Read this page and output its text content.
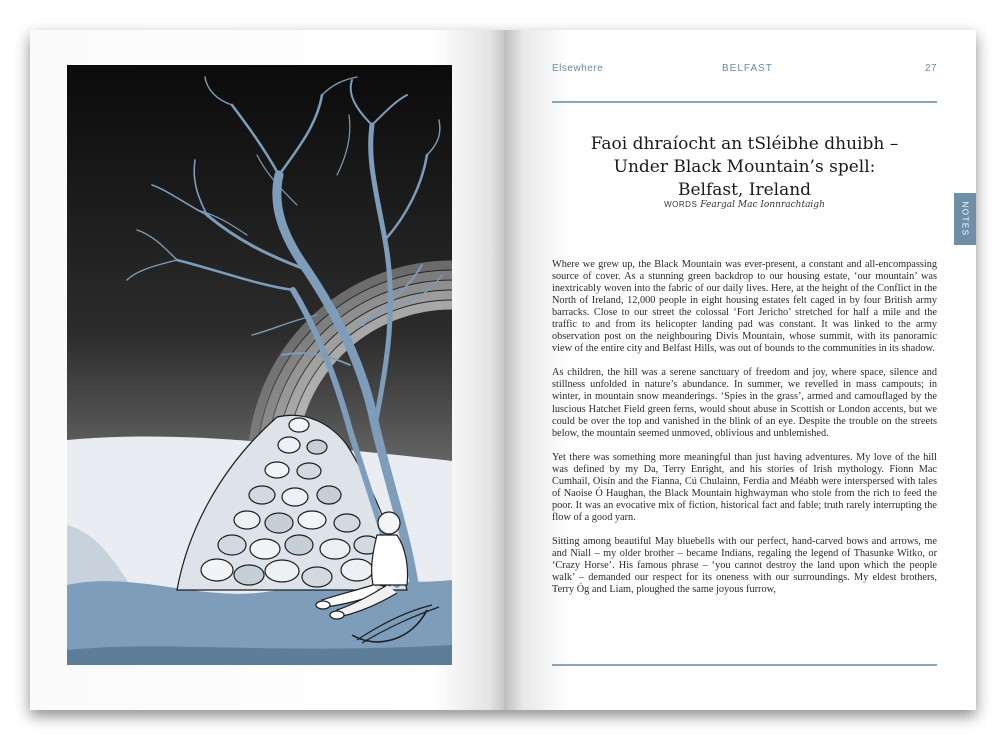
Elsewhere	BELFAST	27
NOTES
Faoi dhraíocht an tSléibhe dhuibh –
Under Black Mountain’s spell:
Belfast, Ireland
WORDS Feargal Mac Ionnrachtaigh

Where we grew up, the Black Mountain was ever-present, a constant and all-encompassing source of cover. As a stunning green backdrop to our housing estate, ‘our mountain’ was inextricably woven into the fabric of our daily lives. Here, at the height of the Conflict in the North of Ireland, 12,000 people in eight housing estates felt caged in by four British army barracks. Close to our street the colossal ‘Fort Jericho’ stretched for half a mile and the traffic to and from its helicopter landing pad was constant. It was linked to the army observation post on the neighbouring Divis Mountain, whose summit, with its panoramic view of the entire city and Belfast Hills, was out of bounds to the communities in its shadow.

As children, the hill was a serene sanctuary of freedom and joy, where space, silence and stillness unfolded in nature’s abundance. In summer, we revelled in mass campouts; in winter, in mountain snow meanderings. ‘Spies in the grass’, armed and camouflaged by the luscious Hatchet Field green ferns, would shout abuse in Scottish or London accents, but we could be over the top and vanished in the blink of an eye. Despite the trouble on the streets below, the mountain seemed unmoved, oblivious and unblemished.

Yet there was something more meaningful than just having adventures. My love of the hill was defined by my Da, Terry Enright, and his stories of Irish mythology. Fionn Mac Cumhail, Oisín and the Fianna, Cú Chulainn, Ferdia and Méabh were interspersed with tales of Naoise Ó Haughan, the Black Mountain highwayman who stole from the rich to feed the poor. It was an evocative mix of fiction, historical fact and fable; truth rarely interrupting the flow of a good yarn.

Sitting among beautiful May bluebells with our perfect, hand-carved bows and arrows, me and Niall – my older brother – became Indians, regaling the legend of Thasunke Witko, or ‘Crazy Horse’. His famous phrase – ‘you cannot destroy the land upon which the people walk’ – demanded our respect for its oneness with our surroundings. My eldest brothers, Terry Óg and Liam, ploughed the same joyous furrow,
